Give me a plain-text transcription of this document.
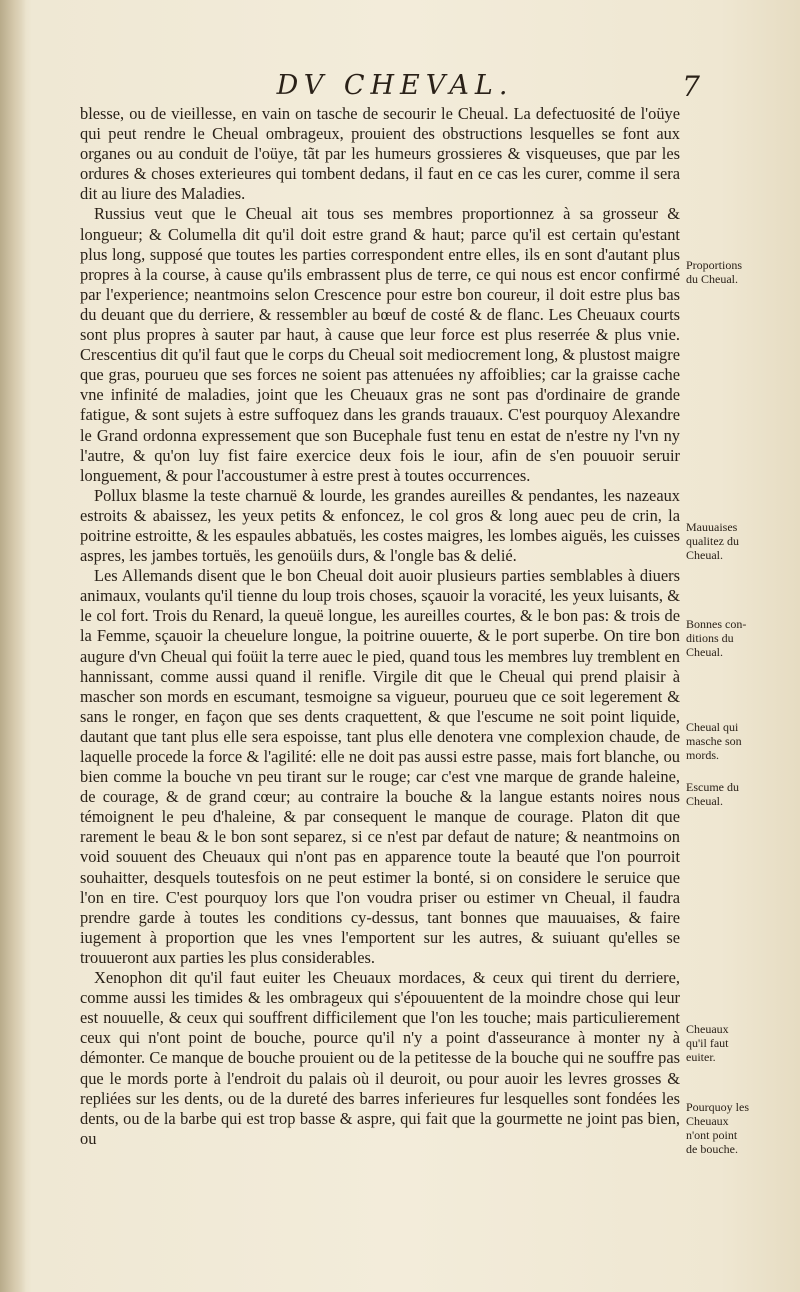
DV CHEVAL.	7

blesse, ou de vieillesse, en vain on tasche de secourir le Cheual. La defectuosité de l'oüye qui peut rendre le Cheual ombrageux, prouient des obstructions lesquelles se font aux organes ou au conduit de l'oüye, tãt par les humeurs grossieres & visqueuses, que par les ordures & choses exterieures qui tombent dedans, il faut en ce cas les curer, comme il sera dit au liure des Maladies.

Russius veut que le Cheual ait tous ses membres proportionnez à sa grosseur & longueur; & Columella dit qu'il doit estre grand & haut; parce qu'il est certain qu'estant plus long, supposé que toutes les parties correspondent entre elles, ils en sont d'autant plus propres à la course, à cause qu'ils embrassent plus de terre, ce qui nous est encor confirmé par l'experience; neantmoins selon Crescence pour estre bon coureur, il doit estre plus bas du deuant que du derriere, & ressembler au bœuf de costé & de flanc. Les Cheuaux courts sont plus propres à sauter par haut, à cause que leur force est plus reserrée & plus vnie. Crescentius dit qu'il faut que le corps du Cheual soit mediocrement long, & plustost maigre que gras, pourueu que ses forces ne soient pas attenuées ny affoiblies; car la graisse cache vne infinité de maladies, joint que les Cheuaux gras ne sont pas d'ordinaire de grande fatigue, & sont sujets à estre suffoquez dans les grands trauaux. C'est pourquoy Alexandre le Grand ordonna expressement que son Bucephale fust tenu en estat de n'estre ny l'vn ny l'autre, & qu'on luy fist faire exercice deux fois le iour, afin de s'en pouuoir seruir longuement, & pour l'accoustumer à estre prest à toutes occurrences.

Pollux blasme la teste charnuë & lourde, les grandes aureilles & pendantes, les nazeaux estroits & abaissez, les yeux petits & enfoncez, le col gros & long auec peu de crin, la poitrine estroitte, & les espaules abbatuës, les costes maigres, les lombes aiguës, les cuisses aspres, les jambes tortuës, les genoüils durs, & l'ongle bas & delié.

Les Allemands disent que le bon Cheual doit auoir plusieurs parties semblables à diuers animaux, voulants qu'il tienne du loup trois choses, sçauoir la voracité, les yeux luisants, & le col fort. Trois du Renard, la queuë longue, les aureilles courtes, & le bon pas: & trois de la Femme, sçauoir la cheuelure longue, la poitrine ouuerte, & le port superbe. On tire bon augure d'vn Cheual qui foüit la terre auec le pied, quand tous les membres luy tremblent en hannissant, comme aussi quand il renifle. Virgile dit que le Cheual qui prend plaisir à mascher son mords en escumant, tesmoigne sa vigueur, pourueu que ce soit legerement & sans le ronger, en façon que ses dents craquettent, & que l'escume ne soit point liquide, dautant que tant plus elle sera espoisse, tant plus elle denotera vne complexion chaude, de laquelle procede la force & l'agilité: elle ne doit pas aussi estre passe, mais fort blanche, ou bien comme la bouche vn peu tirant sur le rouge; car c'est vne marque de grande haleine, de courage, & de grand cœur; au contraire la bouche & la langue estants noires nous témoignent le peu d'haleine, & par consequent le manque de courage. Platon dit que rarement le beau & le bon sont separez, si ce n'est par defaut de nature; & neantmoins on void souuent des Cheuaux qui n'ont pas en apparence toute la beauté que l'on pourroit souhaitter, desquels toutesfois on ne peut estimer la bonté, si on considere le seruice que l'on en tire. C'est pourquoy lors que l'on voudra priser ou estimer vn Cheual, il faudra prendre garde à toutes les conditions cy-dessus, tant bonnes que mauuaises, & faire iugement à proportion que les vnes l'emportent sur les autres, & suiuant qu'elles se trouueront aux parties les plus considerables.

Xenophon dit qu'il faut euiter les Cheuaux mordaces, & ceux qui tirent du derriere, comme aussi les timides & les ombrageux qui s'épouuentent de la moindre chose qui leur est nouuelle, & ceux qui souffrent difficilement que l'on les touche; mais particulierement ceux qui n'ont point de bouche, pource qu'il n'y a point d'asseurance à monter ny à démonter. Ce manque de bouche prouient ou de la petitesse de la bouche qui ne souffre pas que le mords porte à l'endroit du palais où il deuroit, ou pour auoir les levres grosses & repliées sur les dents, ou de la dureté des barres inferieures fur lesquelles sont fondées les dents, ou de la barbe qui est trop basse & aspre, qui fait que la gourmette ne joint pas bien, ou

Proportions
du Cheual.
Mauuaises
qualitez du
Cheual.
Bonnes con-
ditions du
Cheual.
Cheual qui
masche son
mords.
Escume du
Cheual.
Cheuaux
qu'il faut
euiter.
Pourquoy les
Cheuaux
n'ont point
de bouche.
